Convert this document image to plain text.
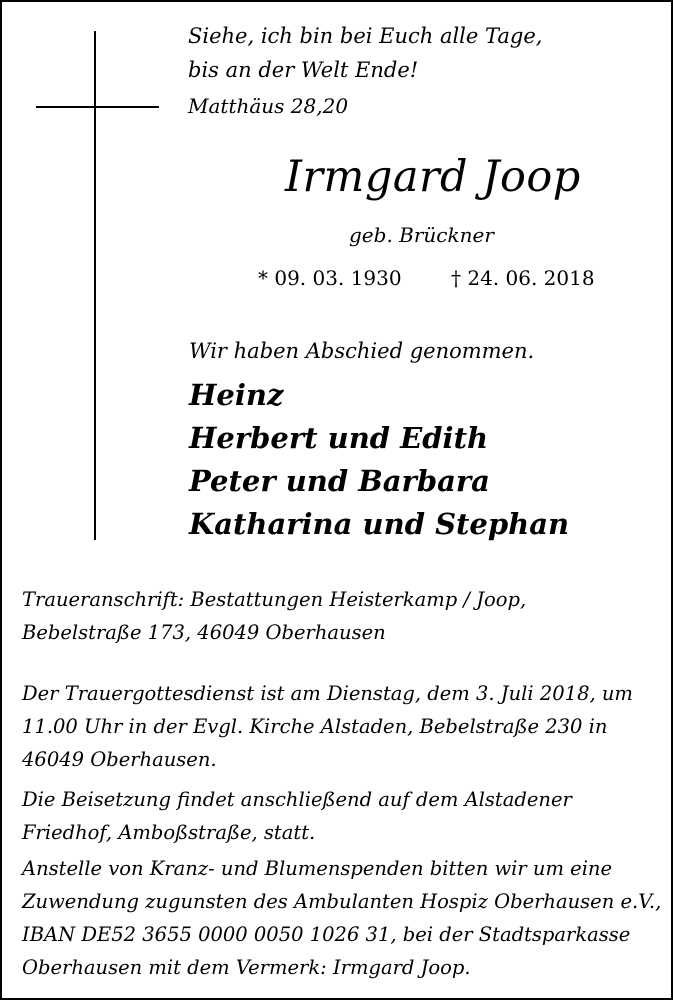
Siehe, ich bin bei Euch alle Tage,
bis an der Welt Ende!
Matthäus 28,20
Irmgard Joop
geb. Brückner
* 09. 03. 1930 † 24. 06. 2018
Wir haben Abschied genommen.
Heinz
Herbert und Edith
Peter und Barbara
Katharina und Stephan
Traueranschrift: Bestattungen Heisterkamp / Joop,
Bebelstraße 173, 46049 Oberhausen
Der Trauergottesdienst ist am Dienstag, dem 3. Juli 2018, um
11.00 Uhr in der Evgl. Kirche Alstaden, Bebelstraße 230 in
46049 Oberhausen.
Die Beisetzung findet anschließend auf dem Alstadener
Friedhof, Amboßstraße, statt.
Anstelle von Kranz- und Blumenspenden bitten wir um eine
Zuwendung zugunsten des Ambulanten Hospiz Oberhausen e.V.,
IBAN DE52 3655 0000 0050 1026 31, bei der Stadtsparkasse
Oberhausen mit dem Vermerk: Irmgard Joop.
